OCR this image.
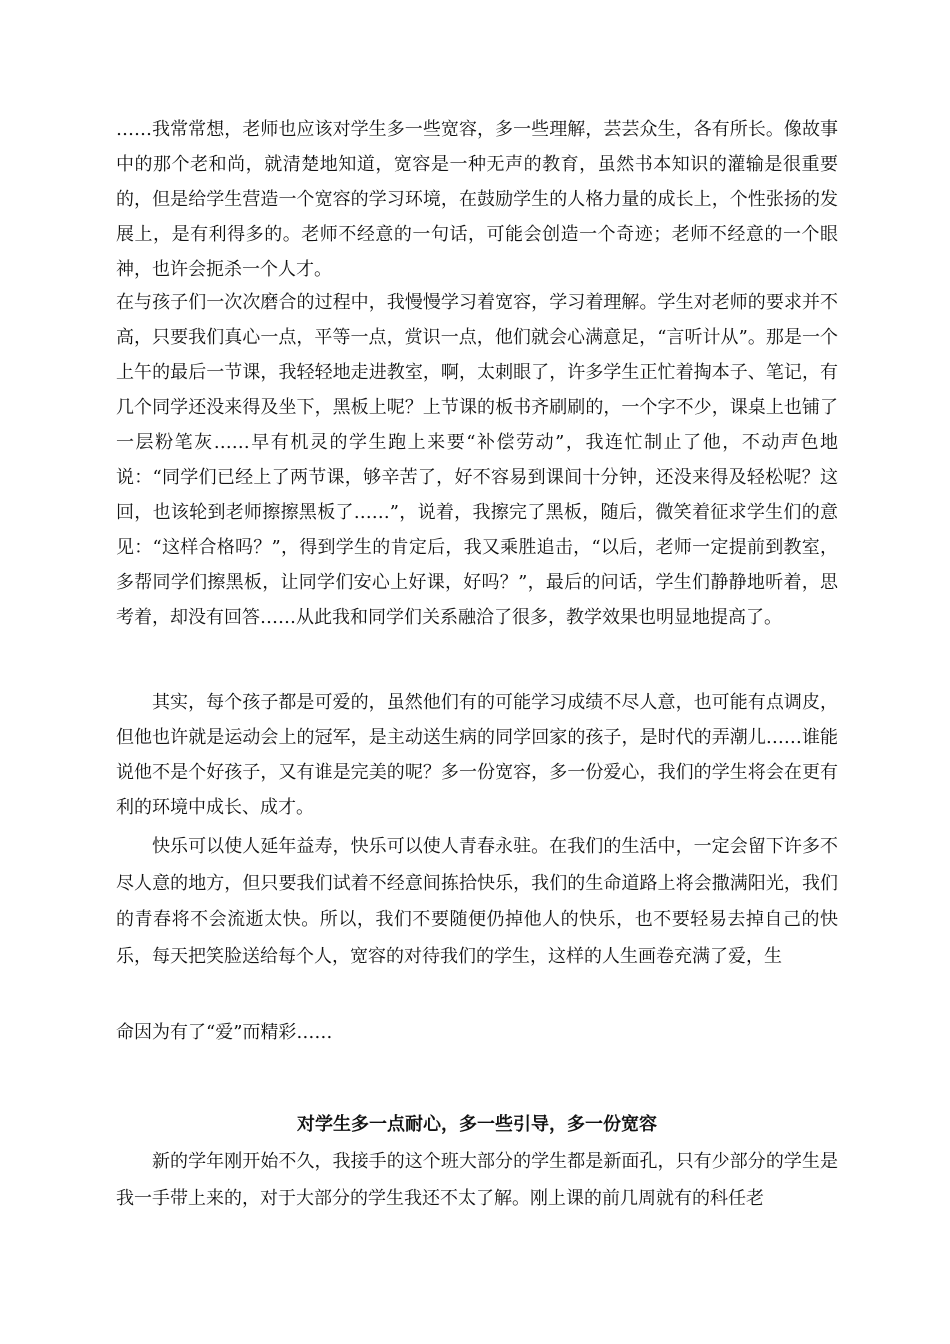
……我常常想，老师也应该对学生多一些宽容，多一些理解，芸芸众生，各有所长。像故事中的那个老和尚，就清楚地知道，宽容是一种无声的教育，虽然书本知识的灌输是很重要的，但是给学生营造一个宽容的学习环境，在鼓励学生的人格力量的成长上，个性张扬的发展上，是有利得多的。老师不经意的一句话，可能会创造一个奇迹；老师不经意的一个眼神，也许会扼杀一个人才。

在与孩子们一次次磨合的过程中，我慢慢学习着宽容，学习着理解。学生对老师的要求并不高，只要我们真心一点，平等一点，赏识一点，他们就会心满意足，“言听计从”。那是一个上午的最后一节课，我轻轻地走进教室，啊，太刺眼了，许多学生正忙着掏本子、笔记，有几个同学还没来得及坐下，黑板上呢？上节课的板书齐刷刷的，一个字不少，课桌上也铺了一层粉笔灰……早有机灵的学生跑上来要“补偿劳动”，我连忙制止了他，不动声色地说：“同学们已经上了两节课，够辛苦了，好不容易到课间十分钟，还没来得及轻松呢？这回，也该轮到老师擦擦黑板了……”，说着，我擦完了黑板，随后，微笑着征求学生们的意见：“这样合格吗？”，得到学生的肯定后，我又乘胜追击，“以后，老师一定提前到教室，多帮同学们擦黑板，让同学们安心上好课，好吗？”，最后的问话，学生们静静地听着，思考着，却没有回答……从此我和同学们关系融洽了很多，教学效果也明显地提高了。

其实，每个孩子都是可爱的，虽然他们有的可能学习成绩不尽人意，也可能有点调皮，但他也许就是运动会上的冠军，是主动送生病的同学回家的孩子，是时代的弄潮儿……谁能说他不是个好孩子，又有谁是完美的呢？多一份宽容，多一份爱心，我们的学生将会在更有利的环境中成长、成才。

快乐可以使人延年益寿，快乐可以使人青春永驻。在我们的生活中，一定会留下许多不尽人意的地方，但只要我们试着不经意间拣拾快乐，我们的生命道路上将会撒满阳光，我们的青春将不会流逝太快。所以，我们不要随便仍掉他人的快乐，也不要轻易去掉自己的快乐，每天把笑脸送给每个人，宽容的对待我们的学生，这样的人生画卷充满了爱，生

命因为有了“爱”而精彩……

对学生多一点耐心，多一些引导，多一份宽容

新的学年刚开始不久，我接手的这个班大部分的学生都是新面孔，只有少部分的学生是我一手带上来的，对于大部分的学生我还不太了解。刚上课的前几周就有的科任老
